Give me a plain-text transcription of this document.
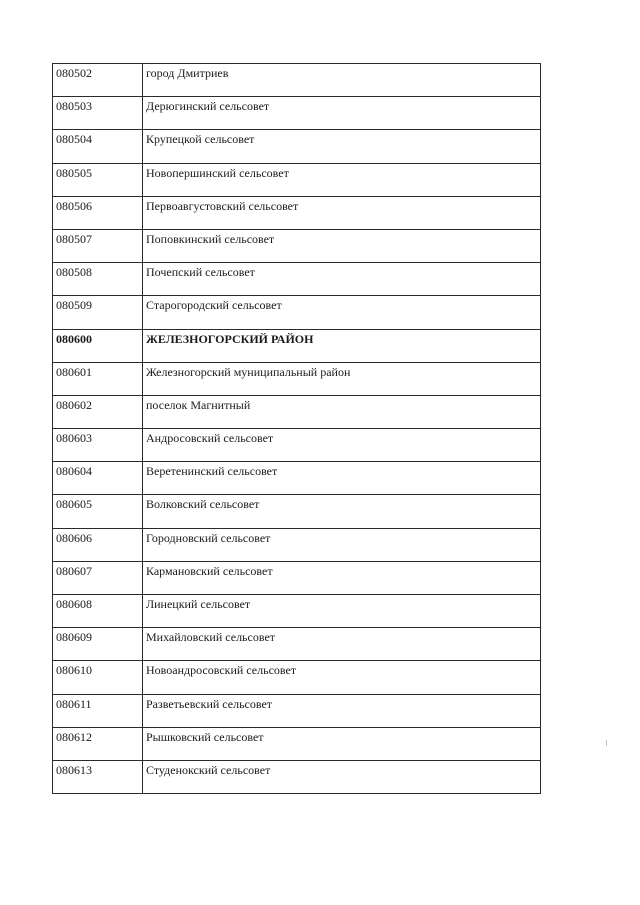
080502	город Дмитриев
080503	Дерюгинский сельсовет
080504	Крупецкой сельсовет
080505	Новопершинский сельсовет
080506	Первоавгустовский сельсовет
080507	Поповкинский сельсовет
080508	Почепский сельсовет
080509	Старогородский сельсовет
080600	ЖЕЛЕЗНОГОРСКИЙ РАЙОН
080601	Железногорский муниципальный район
080602	поселок Магнитный
080603	Андросовский сельсовет
080604	Веретенинский сельсовет
080605	Волковский сельсовет
080606	Городновский сельсовет
080607	Кармановский сельсовет
080608	Линецкий сельсовет
080609	Михайловский сельсовет
080610	Новоандросовский сельсовет
080611	Разветьевский сельсовет
080612	Рышковский сельсовет
080613	Студенокский сельсовет
